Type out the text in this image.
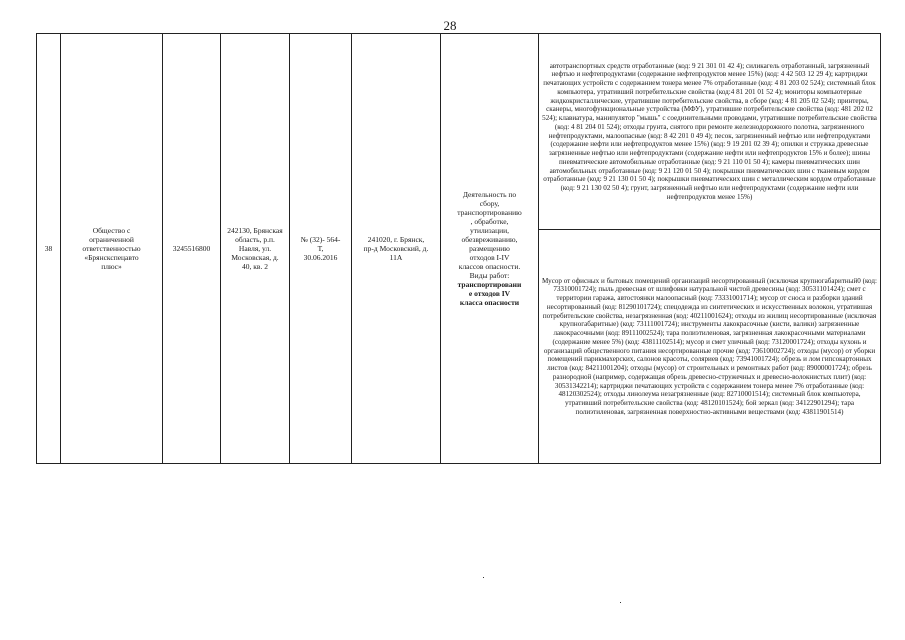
28
38	Общество с
ограниченной
ответственностью
«Брянскспецавто
плюс»	3245516800	242130, Брянская
область, р.п.
Навля, ул.
Московская, д.
40, кв. 2	№ (32)- 564-
Т,
30.06.2016	241020, г. Брянск,
пр-д Московский, д.
11А	Деятельность по
сбору,
транспортированию
, обработке,
утилизации,
обезвреживанию,
размещению
отходов I-IV
классов опасности.
Виды работ:
транспортировани
е отходов IV
класса опасности	автотранспортных средств отработанные (код: 9 21 301 01 42 4); силикагель отработанный, загрязненный нефтью и нефтепродуктами (содержание нефтепродуктов менее 15%) (код: 4 42 503 12 29 4); картриджи печатающих устройств с содержанием тонера менее 7% отработанные (код: 4 81 203 02 524); системный блок компьютера, утративший потребительские свойства (код:4 81 201 01 52 4); мониторы компьютерные жидкокристаллические, утратившие потребительские свойства, в сборе (код: 4 81 205 02 524); принтеры, сканеры, многофункциональные устройства (МФУ), утратившие потребительские свойства (код: 481 202 02 524); клавиатура, манипулятор "мышь" с соединительными проводами, утратившие потребительские свойства (код: 4 81 204 01 524); отходы грунта, снятого при ремонте железнодорожного полотна, загрязненного нефтепродуктами, малоопасные (код: 8 42 201 0 49 4); песок, загрязненный нефтью или нефтепродуктами (содержание нефти или нефтепродуктов менее 15%) (код: 9 19 201 02 39 4); опилки и стружка древесные загрязненные нефтью или нефтепродуктами (содержание нефти или нефтепродуктов 15% и более); шины пневматические автомобильные отработанные (код: 9 21 110 01 50 4); камеры пневматических шин автомобильных отработанные (код: 9 21 120 01 50 4); покрышки пневматических шин с тканевым кордом отработанные (код: 9 21 130 01 50 4); покрышки пневматических шин с металлическим кордом отработанные (код: 9 21 130 02 50 4); грунт, загрязненный нефтью или нефтепродуктами (содержание нефти или нефтепродуктов менее 15%)
Мусор от офисных и бытовых помещений организаций несортированный (исключая крупногабаритный0 (код: 73310001724); пыль древесная от шлифовки натуральной чистой древесины (код: 30531101424); смет с территории гаража, автостоянки малоопасный (код: 73331001714); мусор от сноса и разборки зданий несортированный (код: 81290101724); спецодежда из синтетических и искусственных волокон, утратившая потребительские свойства, незагрязненная (код: 40211001624); отходы из жилищ несортированные (исключая крупногабаритные) (код: 73111001724); инструменты лакокрасочные (кисти, валики) загрязненные лакокрасочными (код: 89111002524); тара полиэтиленовая, загрязненная лакокрасочными материалами (содержание менее 5%) (код: 43811102514); мусор и смет уличный (код: 73120001724); отходы кухонь и организаций общественного питания несортированные прочие (код: 73610002724); отходы (мусор) от уборки помещений парикмахерских, салонов красоты, соляриев (код: 73941001724); обрезь и лом гипсокартонных листов (код: 84211001204); отходы (мусор) от строительных и ремонтных работ (код: 89000001724); обрезь разнородной (например, содержащая обрезь древесно-стружечных и древесно-волокнистых плит) (код: 30531342214); картриджи печатающих устройств с содержанием тонера менее 7% отработанные (код: 48120302524); отходы линолеума незагрязненные (код: 82710001514); системный блок компьютера, утративший потребительские свойства (код: 48120101524); бой зеркал (код: 34122901294); тара полиэтиленовая, загрязненная поверхностно-активными веществами (код: 43811901514)
